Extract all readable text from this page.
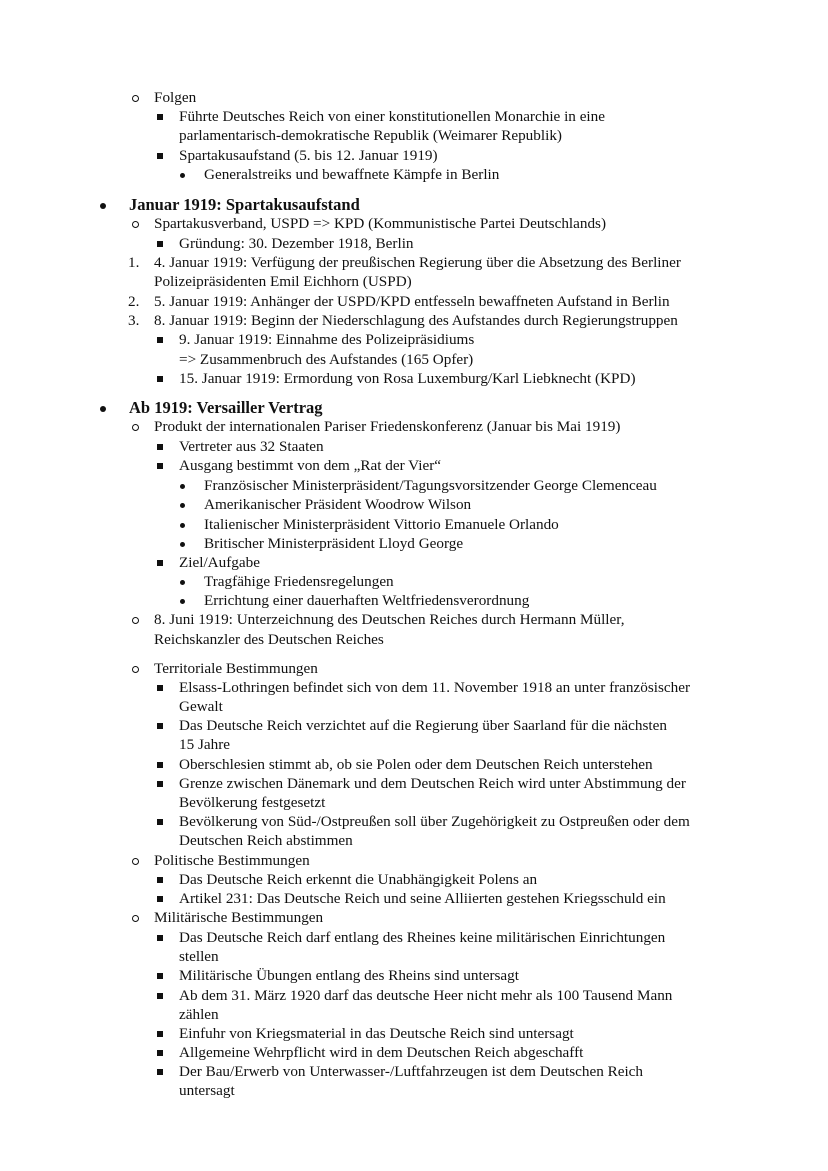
Folgen
Führte Deutsches Reich von einer konstitutionellen Monarchie in eine
parlamentarisch-demokratische Republik (Weimarer Republik)
Spartakusaufstand (5. bis 12. Januar 1919)
Generalstreiks und bewaffnete Kämpfe in Berlin
Januar 1919: Spartakusaufstand
Spartakusverband, USPD => KPD (Kommunistische Partei Deutschlands)
Gründung: 30. Dezember 1918, Berlin
1. 4. Januar 1919: Verfügung der preußischen Regierung über die Absetzung des Berliner
Polizeipräsidenten Emil Eichhorn (USPD)
2. 5. Januar 1919: Anhänger der USPD/KPD entfesseln bewaffneten Aufstand in Berlin
3. 8. Januar 1919: Beginn der Niederschlagung des Aufstandes durch Regierungstruppen
9. Januar 1919: Einnahme des Polizeipräsidiums
=> Zusammenbruch des Aufstandes (165 Opfer)
15. Januar 1919: Ermordung von Rosa Luxemburg/Karl Liebknecht (KPD)
Ab 1919: Versailler Vertrag
Produkt der internationalen Pariser Friedenskonferenz (Januar bis Mai 1919)
Vertreter aus 32 Staaten
Ausgang bestimmt von dem „Rat der Vier“
Französischer Ministerpräsident/Tagungsvorsitzender George Clemenceau
Amerikanischer Präsident Woodrow Wilson
Italienischer Ministerpräsident Vittorio Emanuele Orlando
Britischer Ministerpräsident Lloyd George
Ziel/Aufgabe
Tragfähige Friedensregelungen
Errichtung einer dauerhaften Weltfriedensverordnung
8. Juni 1919: Unterzeichnung des Deutschen Reiches durch Hermann Müller,
Reichskanzler des Deutschen Reiches
Territoriale Bestimmungen
Elsass-Lothringen befindet sich von dem 11. November 1918 an unter französischer
Gewalt
Das Deutsche Reich verzichtet auf die Regierung über Saarland für die nächsten
15 Jahre
Oberschlesien stimmt ab, ob sie Polen oder dem Deutschen Reich unterstehen
Grenze zwischen Dänemark und dem Deutschen Reich wird unter Abstimmung der
Bevölkerung festgesetzt
Bevölkerung von Süd-/Ostpreußen soll über Zugehörigkeit zu Ostpreußen oder dem
Deutschen Reich abstimmen
Politische Bestimmungen
Das Deutsche Reich erkennt die Unabhängigkeit Polens an
Artikel 231: Das Deutsche Reich und seine Alliierten gestehen Kriegsschuld ein
Militärische Bestimmungen
Das Deutsche Reich darf entlang des Rheines keine militärischen Einrichtungen
stellen
Militärische Übungen entlang des Rheins sind untersagt
Ab dem 31. März 1920 darf das deutsche Heer nicht mehr als 100 Tausend Mann
zählen
Einfuhr von Kriegsmaterial in das Deutsche Reich sind untersagt
Allgemeine Wehrpflicht wird in dem Deutschen Reich abgeschafft
Der Bau/Erwerb von Unterwasser-/Luftfahrzeugen ist dem Deutschen Reich
untersagt
